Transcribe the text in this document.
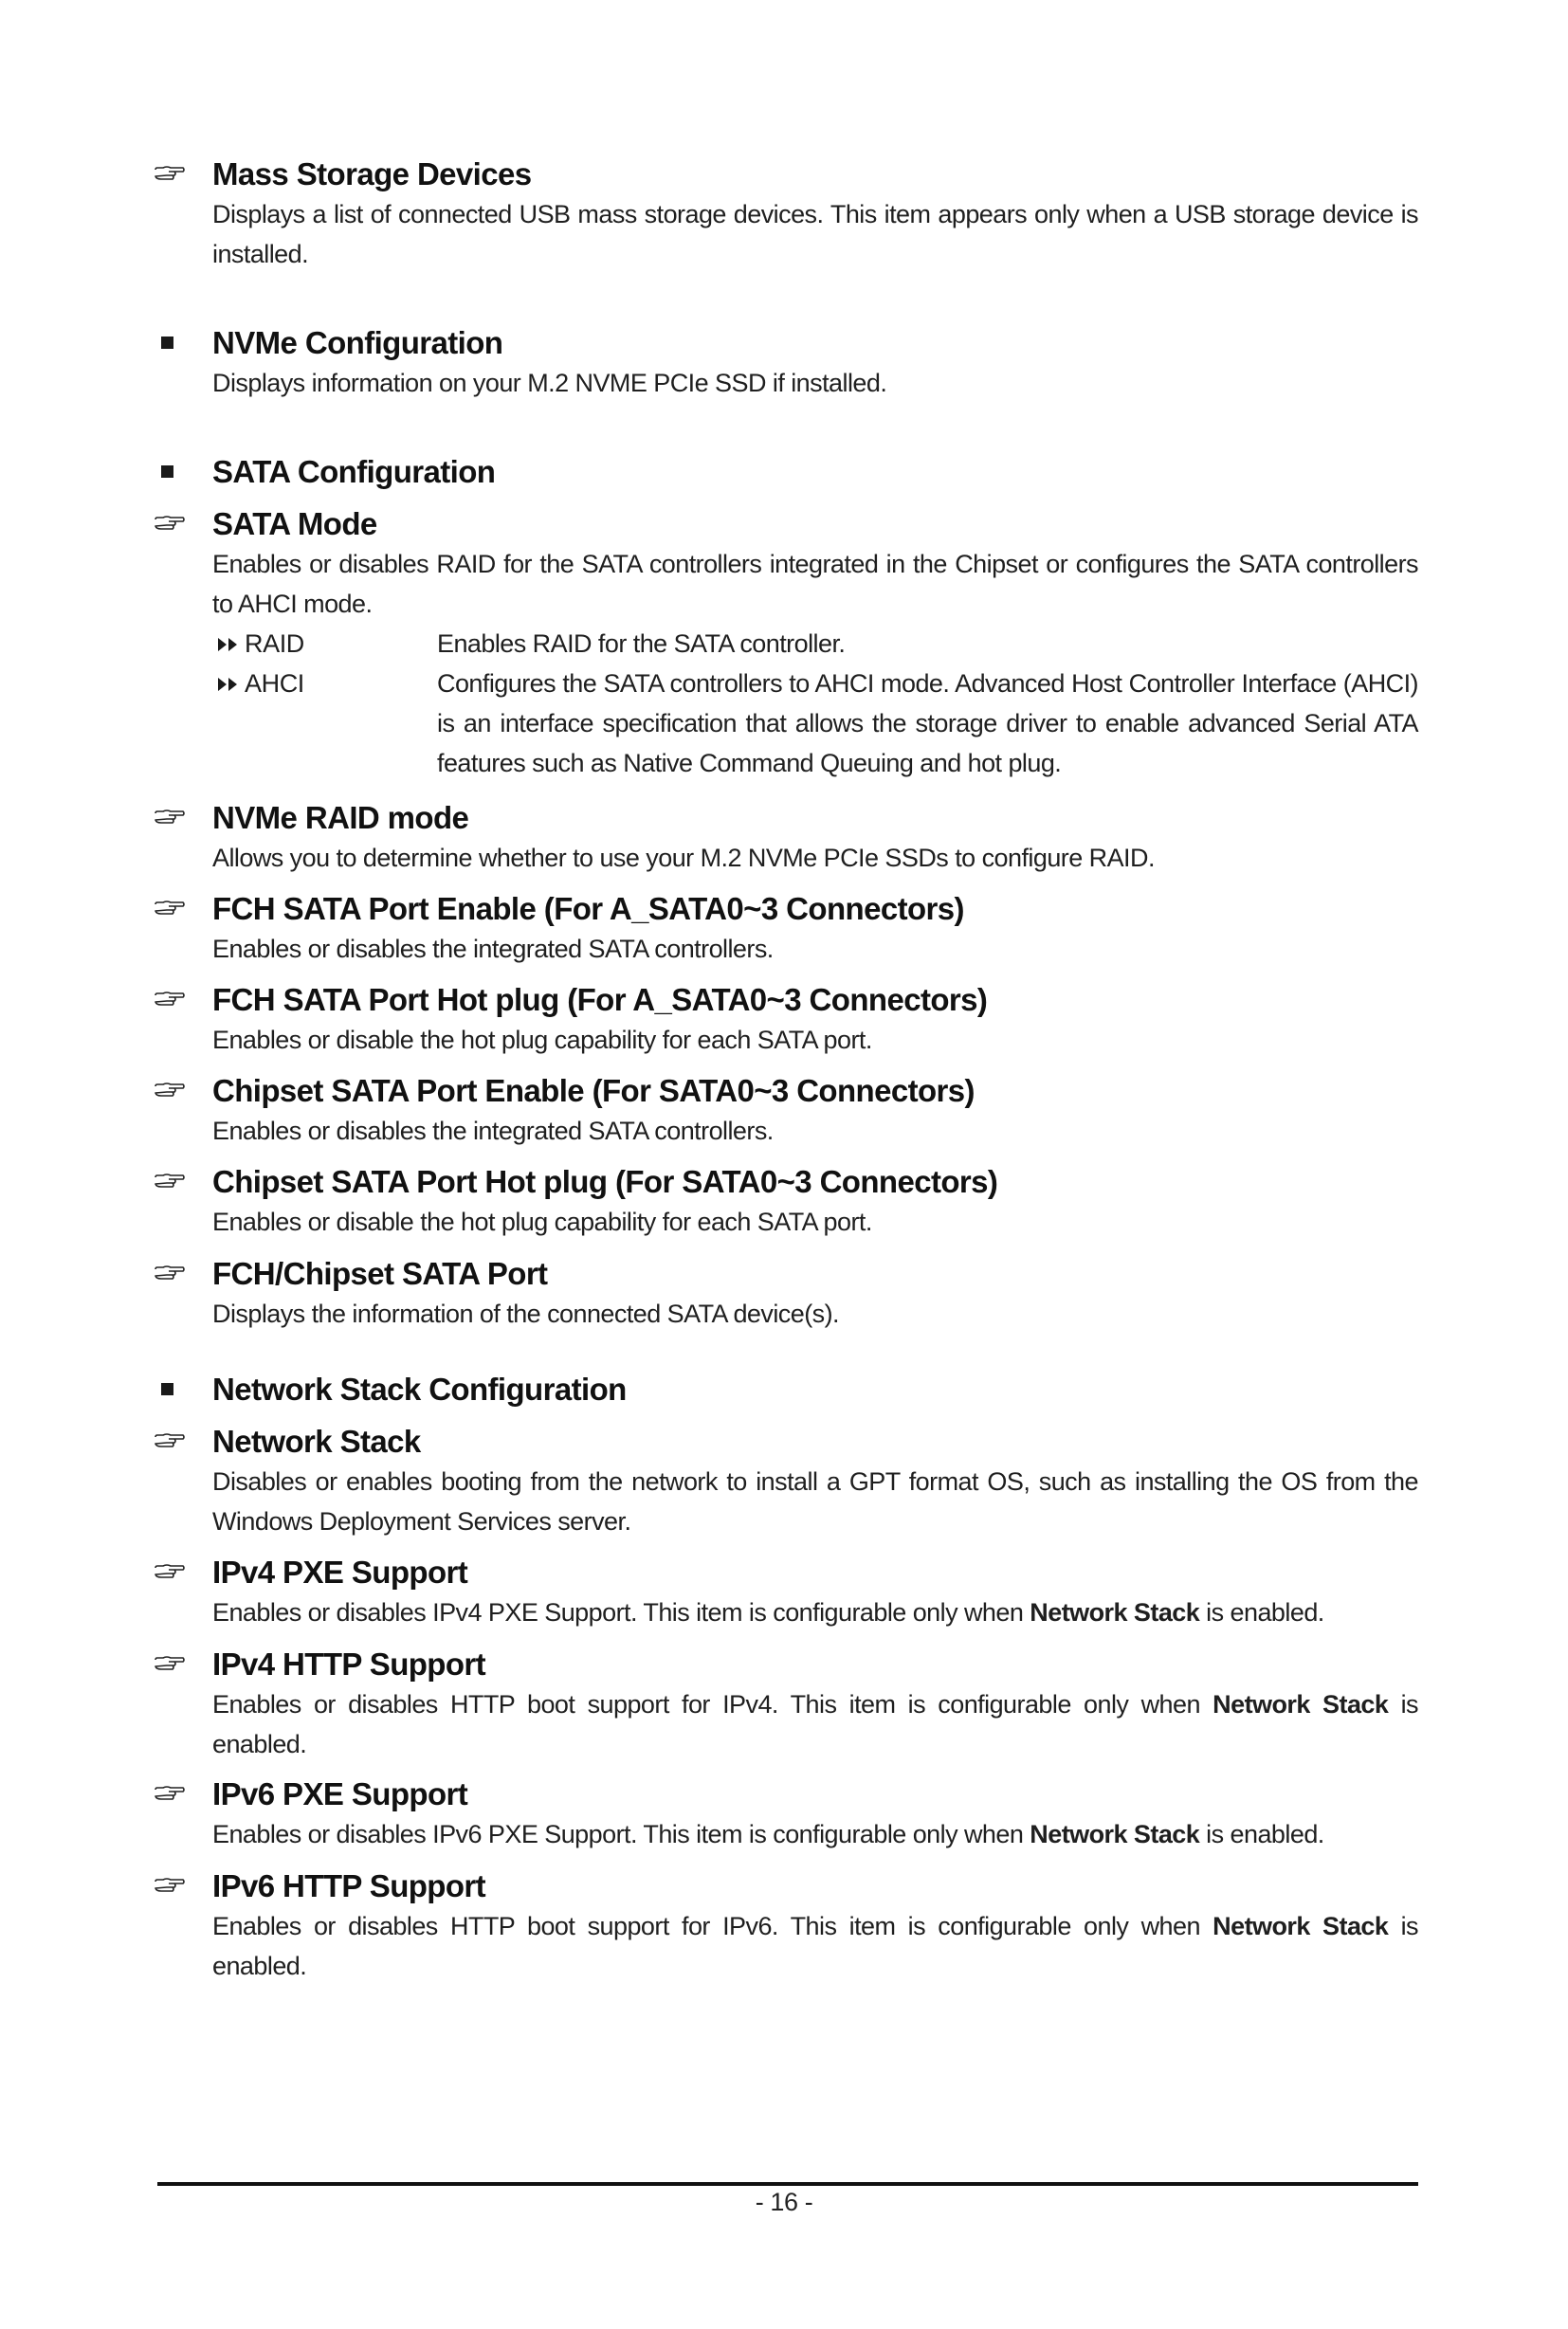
Mass Storage Devices

Displays a list of connected USB mass storage devices. This item appears only when a USB storage device is installed.

NVMe Configuration

Displays information on your M.2 NVME PCIe SSD if installed.

SATA Configuration
SATA Mode

Enables or disables RAID for the SATA controllers integrated in the Chipset or configures the SATA controllers to AHCI mode.

RAID	Enables RAID for the SATA controller.
AHCI	Configures the SATA controllers to AHCI mode. Advanced Host Controller Interface (AHCI) is an interface specification that allows the storage driver to enable advanced Serial ATA features such as Native Command Queuing and hot plug.
NVMe RAID mode

Allows you to determine whether to use your M.2 NVMe PCIe SSDs to configure RAID.

FCH SATA Port Enable (For A_SATA0~3 Connectors)

Enables or disables the integrated SATA controllers.

FCH SATA Port Hot plug (For A_SATA0~3 Connectors)

Enables or disable the hot plug capability for each SATA port.

Chipset SATA Port Enable (For SATA0~3 Connectors)

Enables or disables the integrated SATA controllers.

Chipset SATA Port Hot plug (For SATA0~3 Connectors)

Enables or disable the hot plug capability for each SATA port.

FCH/Chipset SATA Port

Displays the information of the connected SATA device(s).

Network Stack Configuration
Network Stack

Disables or enables booting from the network to install a GPT format OS, such as installing the OS from the Windows Deployment Services server.

IPv4 PXE Support

Enables or disables IPv4 PXE Support. This item is configurable only when Network Stack is enabled.

IPv4 HTTP Support

Enables or disables HTTP boot support for IPv4. This item is configurable only when Network Stack is enabled.

IPv6 PXE Support

Enables or disables IPv6 PXE Support. This item is configurable only when Network Stack is enabled.

IPv6 HTTP Support

Enables or disables HTTP boot support for IPv6. This item is configurable only when Network Stack is enabled.

- 16 -
